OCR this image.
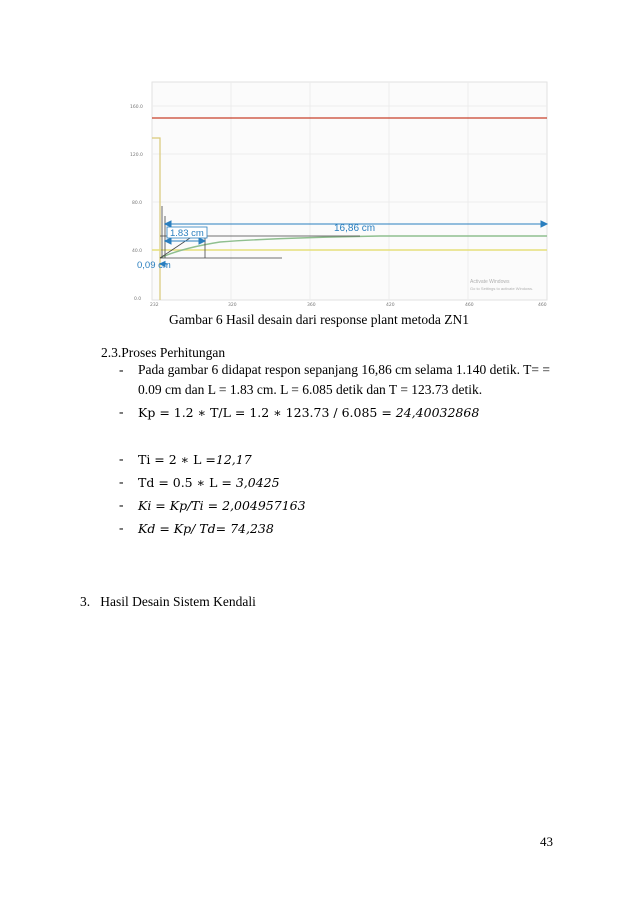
160.0
120.0
80.0
40.0
0.0
232	320	360	420	460	460
1.83 cm	16,86 cm
0,09 cm
Activate Windows
Go to Settings to activate Windows.
Gambar 6 Hasil desain dari response plant metoda ZN1
2.3.Proses Perhitungan
- Pada gambar 6 didapat respon sepanjang 16,86 cm selama 1.140 detik. T= =
0.09 cm dan L = 1.83 cm. L = 6.085 detik dan T = 123.73 detik.
- Kp = 1.2 ∗ T/L = 1.2 ∗ 123.73 / 6.085 = 24,40032868
- Ti = 2 ∗ L =12,17
- Td = 0.5 ∗ L = 3,0425
- Ki = Kp/Ti = 2,004957163
- Kd = Kp/ Td= 74,238
3.   Hasil Desain Sistem Kendali
43
